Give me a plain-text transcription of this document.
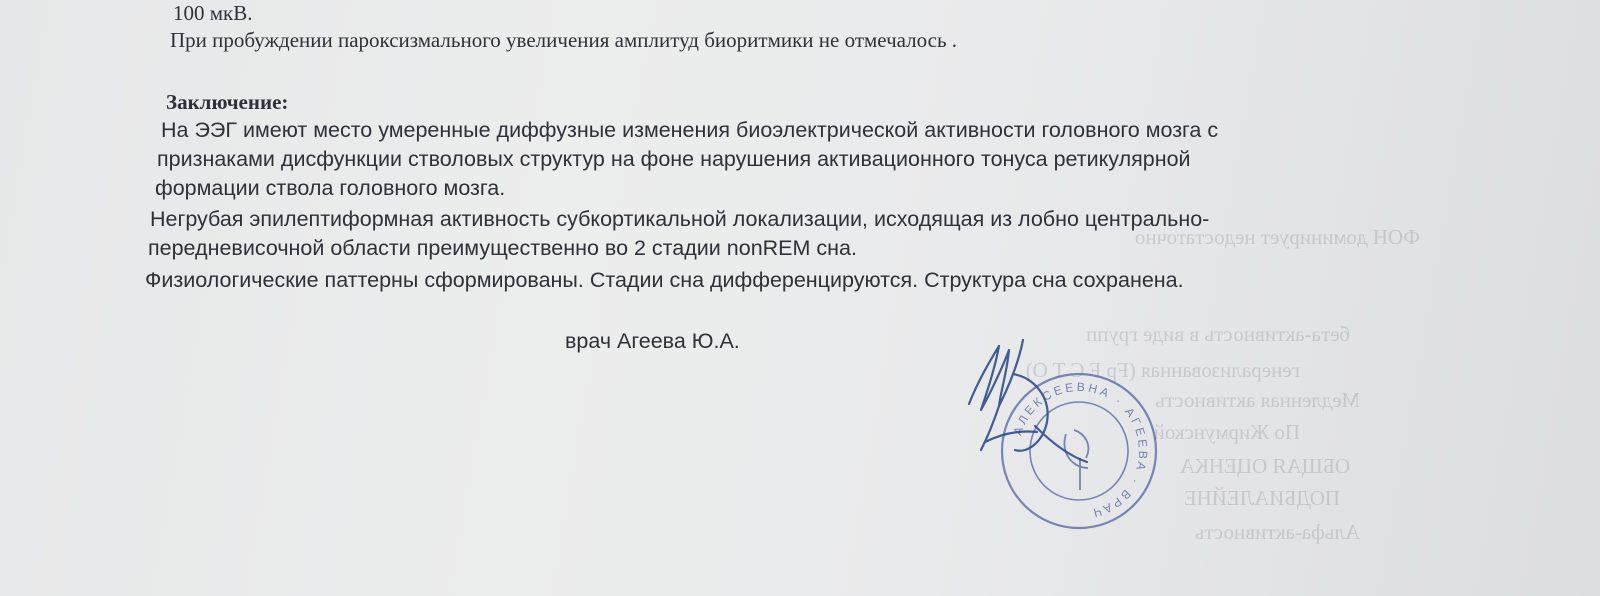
ФОН доминирует недостаточно
бета-активность в виде групп
генерализованная (Fp F C T O)
Медленная активность
По Жирмунской
ОБЩАЯ ОЦЕНКА
ПОДБИАЛЕЙНЕ
Альфа-активность
100 мкВ.
При пробуждении пароксизмального увеличения амплитуд биоритмики не отмечалось .
Заключение:
На ЭЭГ имеют место умеренные диффузные изменения биоэлектрической активности головного мозга с
признаками дисфункции стволовых структур на фоне нарушения активационного тонуса ретикулярной
формации ствола головного мозга.
Негрубая эпилептиформная активность субкортикальной локализации, исходящая из лобно центрально-
передневисочной области преимущественно во 2 стадии nonREM сна.
Физиологические паттерны сформированы. Стадии сна дифференцируются. Структура сна сохранена.
врач Агеева Ю.А.
АЛЕКСЕЕВНА · АГЕЕВА · ВРАЧ
